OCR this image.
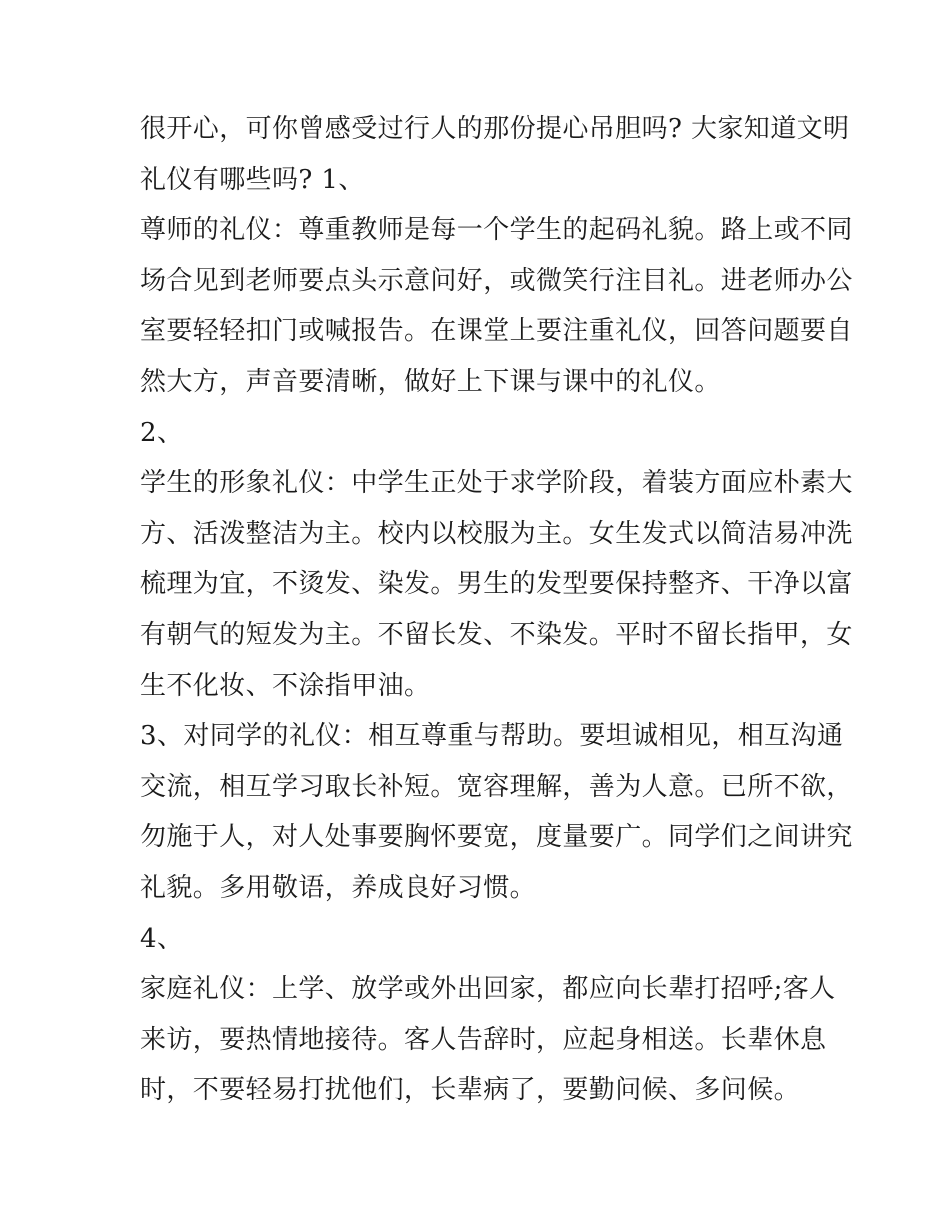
很开心，可你曾感受过行人的那份提心吊胆吗? 大家知道文明
礼仪有哪些吗? 1、
尊师的礼仪：尊重教师是每一个学生的起码礼貌。路上或不同
场合见到老师要点头示意问好，或微笑行注目礼。进老师办公
室要轻轻扣门或喊报告。在课堂上要注重礼仪，回答问题要自
然大方，声音要清晰，做好上下课与课中的礼仪。
2、
学生的形象礼仪：中学生正处于求学阶段，着装方面应朴素大
方、活泼整洁为主。校内以校服为主。女生发式以简洁易冲洗
梳理为宜，不烫发、染发。男生的发型要保持整齐、干净以富
有朝气的短发为主。不留长发、不染发。平时不留长指甲，女
生不化妆、不涂指甲油。
3、对同学的礼仪：相互尊重与帮助。要坦诚相见，相互沟通
交流，相互学习取长补短。宽容理解，善为人意。已所不欲，
勿施于人，对人处事要胸怀要宽，度量要广。同学们之间讲究
礼貌。多用敬语，养成良好习惯。
4、
家庭礼仪：上学、放学或外出回家，都应向长辈打招呼;客人
来访，要热情地接待。客人告辞时，应起身相送。长辈休息
时，不要轻易打扰他们，长辈病了，要勤问候、多问候。
